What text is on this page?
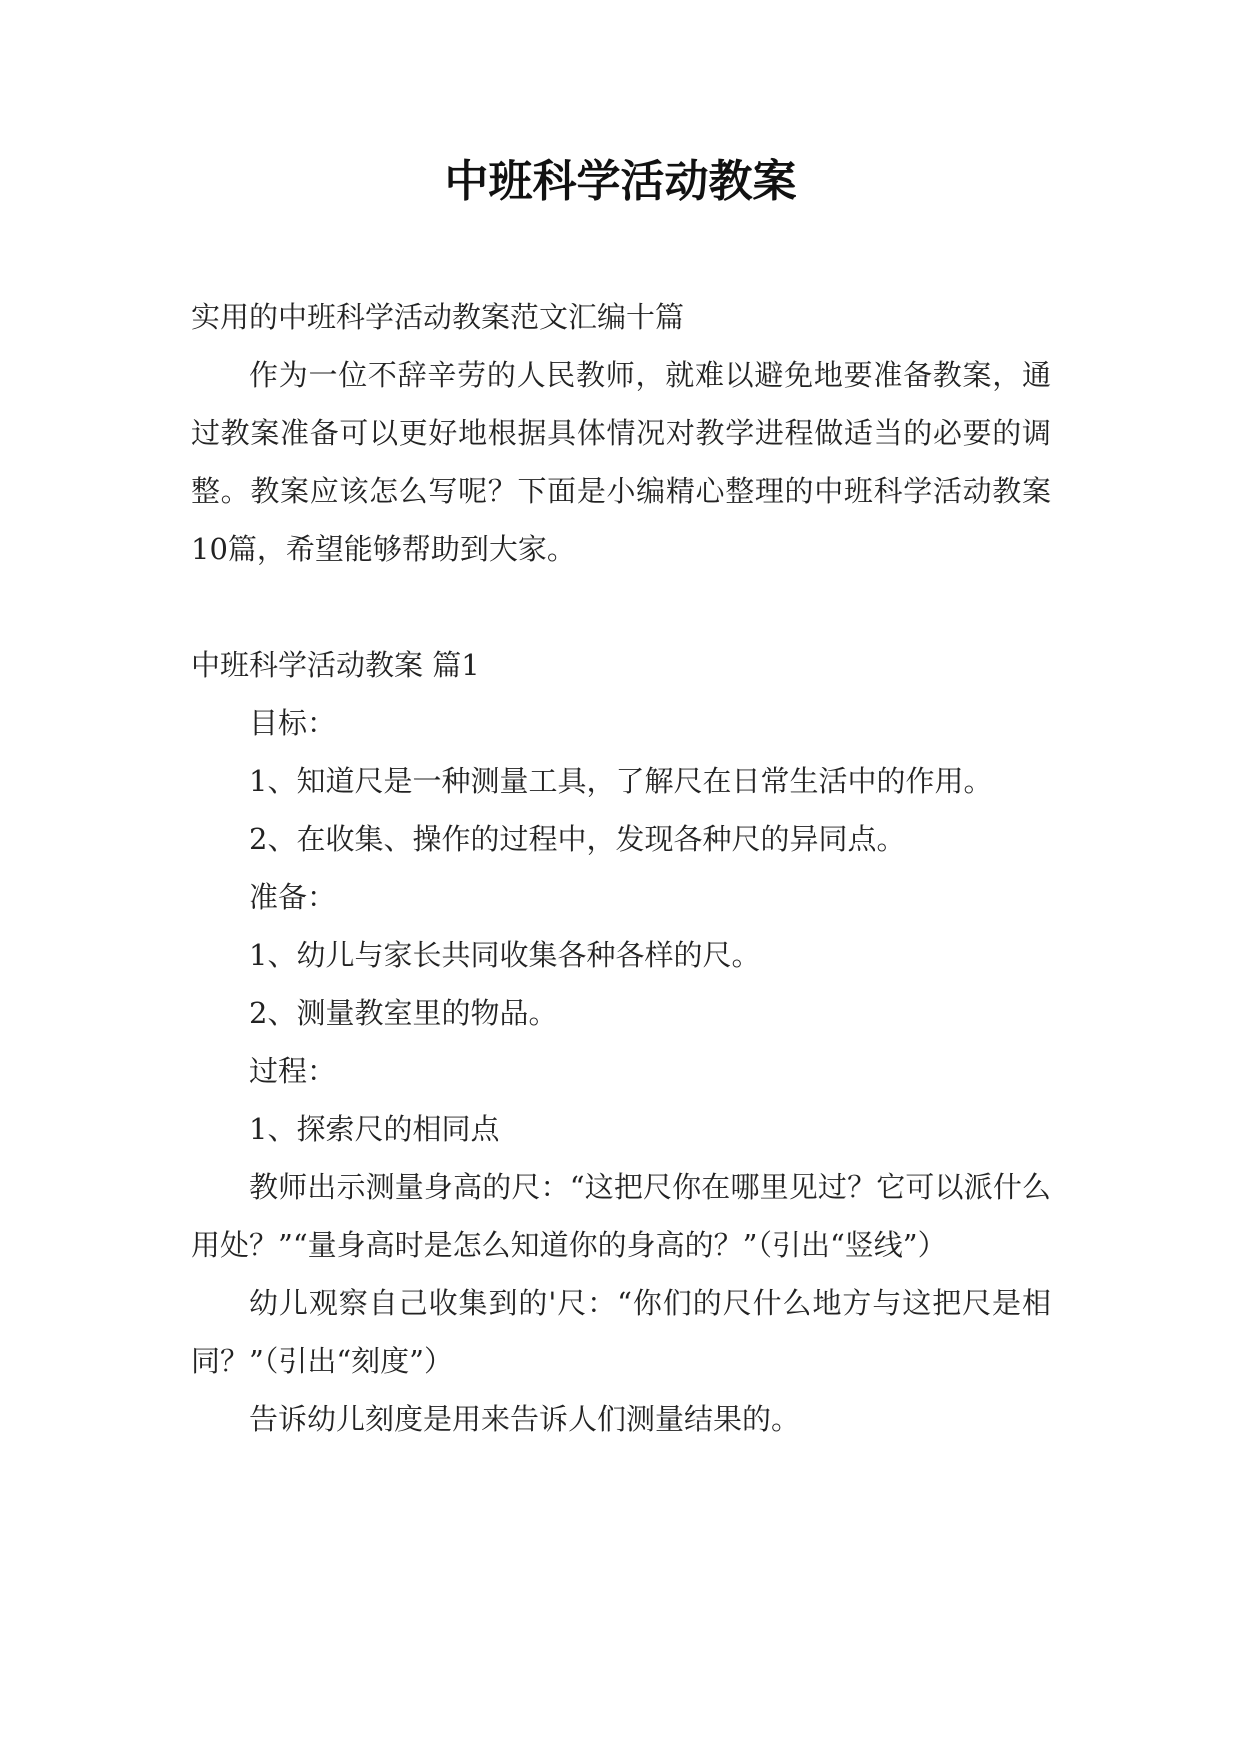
中班科学活动教案

实用的中班科学活动教案范文汇编十篇

作为一位不辞辛劳的人民教师，就难以避免地要准备教案，通过教案准备可以更好地根据具体情况对教学进程做适当的必要的调整。教案应该怎么写呢？下面是小编精心整理的中班科学活动教案10篇，希望能够帮助到大家。

中班科学活动教案 篇1

目标：

1、知道尺是一种测量工具，了解尺在日常生活中的作用。

2、在收集、操作的过程中，发现各种尺的异同点。

准备：

1、幼儿与家长共同收集各种各样的尺。

2、测量教室里的物品。

过程：

1、探索尺的相同点

教师出示测量身高的尺：“这把尺你在哪里见过？它可以派什么用处？”“量身高时是怎么知道你的身高的？”（引出“竖线”）

幼儿观察自己收集到的'尺：“你们的尺什么地方与这把尺是相同？”（引出“刻度”）

告诉幼儿刻度是用来告诉人们测量结果的。
